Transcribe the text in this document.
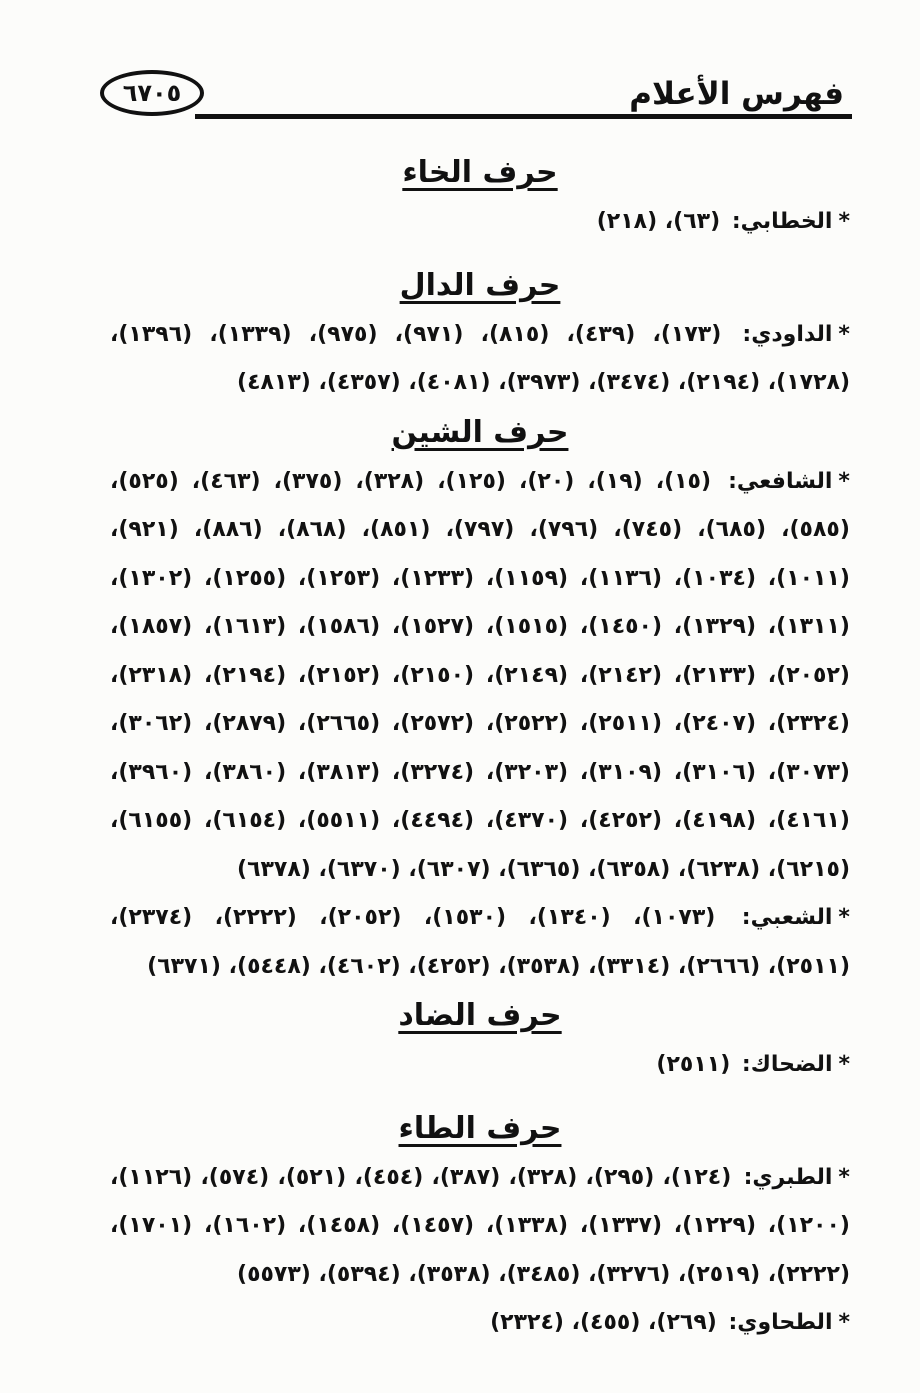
فهرس الأعلام
٦٧٠٥
حرف الخاء

*الخطابي: (٦٣)، (٢١٨)

حرف الدال

*الداودي: (١٧٣)، (٤٣٩)، (٨١٥)، (٩٧١)، (٩٧٥)، (١٣٣٩)، (١٣٩٦)، (١٧٢٨)، (٢١٩٤)، (٣٤٧٤)، (٣٩٧٣)، (٤٠٨١)، (٤٣٥٧)، (٤٨١٣)

حرف الشين

*الشافعي: (١٥)، (١٩)، (٢٠)، (١٢٥)، (٣٢٨)، (٣٧٥)، (٤٦٣)، (٥٢٥)، (٥٨٥)، (٦٨٥)، (٧٤٥)، (٧٩٦)، (٧٩٧)، (٨٥١)، (٨٦٨)، (٨٨٦)، (٩٢١)، (١٠١١)، (١٠٣٤)، (١١٣٦)، (١١٥٩)، (١٢٣٣)، (١٢٥٣)، (١٢٥٥)، (١٣٠٢)، (١٣١١)، (١٣٢٩)، (١٤٥٠)، (١٥١٥)، (١٥٢٧)، (١٥٨٦)، (١٦١٣)، (١٨٥٧)، (٢٠٥٢)، (٢١٣٣)، (٢١٤٢)، (٢١٤٩)، (٢١٥٠)، (٢١٥٢)، (٢١٩٤)، (٢٣١٨)، (٢٣٢٤)، (٢٤٠٧)، (٢٥١١)، (٢٥٢٢)، (٢٥٧٢)، (٢٦٦٥)، (٢٨٧٩)، (٣٠٦٢)، (٣٠٧٣)، (٣١٠٦)، (٣١٠٩)، (٣٢٠٣)، (٣٢٧٤)، (٣٨١٣)، (٣٨٦٠)، (٣٩٦٠)، (٤١٦١)، (٤١٩٨)، (٤٢٥٢)، (٤٣٧٠)، (٤٤٩٤)، (٥٥١١)، (٦١٥٤)، (٦١٥٥)، (٦٢١٥)، (٦٢٣٨)، (٦٣٥٨)، (٦٣٦٥)، (٦٣٠٧)، (٦٣٧٠)، (٦٣٧٨)

*الشعبي: (١٠٧٣)، (١٣٤٠)، (١٥٣٠)، (٢٠٥٢)، (٢٢٢٢)، (٢٣٧٤)، (٢٥١١)، (٢٦٦٦)، (٣٣١٤)، (٣٥٣٨)، (٤٢٥٢)، (٤٦٠٢)، (٥٤٤٨)، (٦٣٧١)

حرف الضاد

*الضحاك: (٢٥١١)

حرف الطاء

*الطبري: (١٢٤)، (٢٩٥)، (٣٢٨)، (٣٨٧)، (٤٥٤)، (٥٢١)، (٥٧٤)، (١١٢٦)، (١٢٠٠)، (١٢٢٩)، (١٣٣٧)، (١٣٣٨)، (١٤٥٧)، (١٤٥٨)، (١٦٠٢)، (١٧٠١)، (٢٢٢٢)، (٢٥١٩)، (٣٢٧٦)، (٣٤٨٥)، (٣٥٣٨)، (٥٣٩٤)، (٥٥٧٣)

*الطحاوي: (٢٦٩)، (٤٥٥)، (٢٣٢٤)
